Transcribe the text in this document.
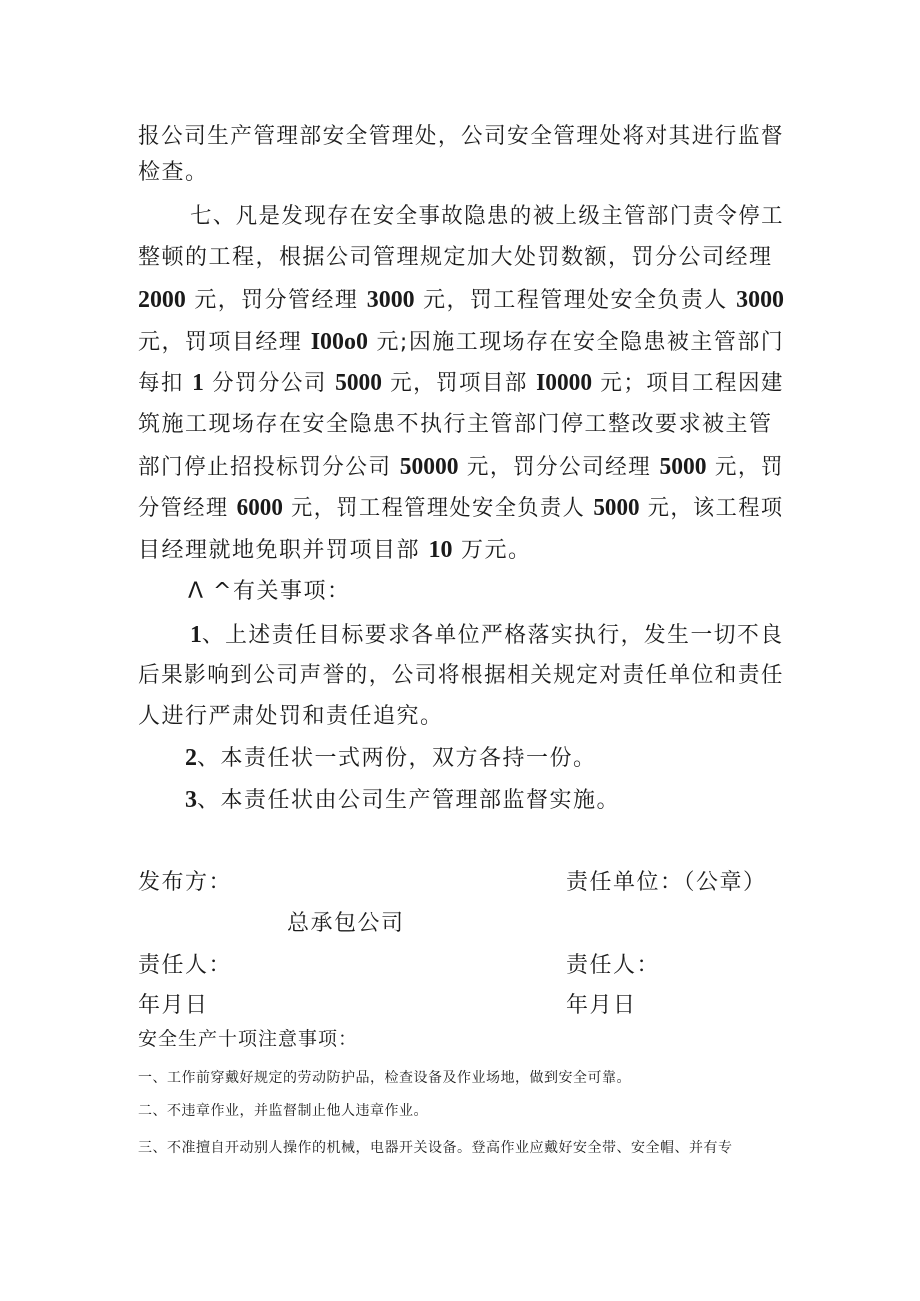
报公司生产管理部安全管理处，公司安全管理处将对其进行监督
检查。
七、凡是发现存在安全事故隐患的被上级主管部门责令停工
整顿的工程，根据公司管理规定加大处罚数额，罚分公司经理
2000 元，罚分管经理 3000 元，罚工程管理处安全负责人 3000
元，罚项目经理 I00o0 元;因施工现场存在安全隐患被主管部门
每扣 1 分罚分公司 5000 元，罚项目部 I0000 元；项目工程因建
筑施工现场存在安全隐患不执行主管部门停工整改要求被主管
部门停止招投标罚分公司 50000 元，罚分公司经理 5000 元，罚
分管经理 6000 元，罚工程管理处安全负责人 5000 元，该工程项
目经理就地免职并罚项目部 10 万元。
Λ ^有关事项：
1、上述责任目标要求各单位严格落实执行，发生一切不良
后果影响到公司声誉的，公司将根据相关规定对责任单位和责任
人进行严肃处罚和责任追究。
2、本责任状一式两份，双方各持一份。
3、本责任状由公司生产管理部监督实施。
发布方：	责任单位：（公章）
总承包公司
责任人：	责任人：
年月日	年月日
安全生产十项注意事项：
一、工作前穿戴好规定的劳动防护品，检查设备及作业场地，做到安全可靠。
二、不违章作业，并监督制止他人违章作业。
三、不准擅自开动别人操作的机械，电器开关设备。登高作业应戴好安全带、安全帽、并有专
